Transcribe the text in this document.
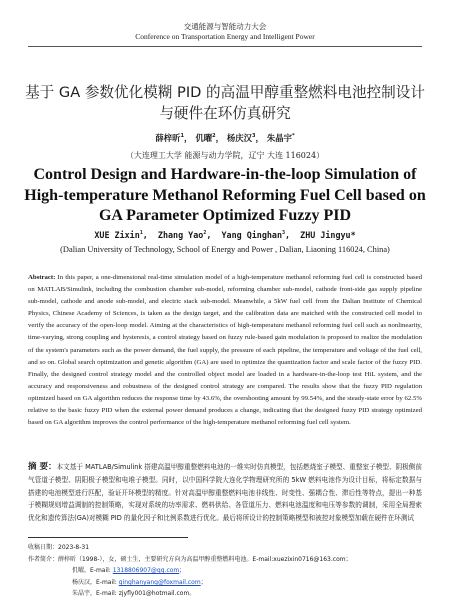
交通能源与智能动力大会
Conference on Transportation Energy and Intelligent Power
基于 GA 参数优化模糊 PID 的高温甲醇重整燃料电池控制设计与硬件在环仿真研究
薛梓昕$^1$， 仉曜$^2$， 杨庆汉$^3$， 朱晶宇*
（大连理工大学 能源与动力学院，辽宁 大连 116024）
Control Design and Hardware-in-the-loop Simulation of High-temperature Methanol Reforming Fuel Cell based on GA Parameter Optimized Fuzzy PID
XUE Zixin$^1$,  Zhang Yao$^2$,  Yang Qinghan$^3$,  ZHU Jingyu*
(Dalian University of Technology, School of Energy and Power , Dalian, Liaoning 116024, China)
Abstract: In this paper, a one-dimensional real-time simulation model of a high-temperature methanol reforming fuel cell is constructed based on MATLAB/Simulink, including the combustion chamber sub-model, reforming chamber sub-model, cathode front-side gas supply pipeline sub-model, cathode and anode sub-model, and electric stack sub-model. Meanwhile, a 5kW fuel cell from the Dalian Institute of Chemical Physics, Chinese Academy of Sciences, is taken as the design target, and the calibration data are matched with the constructed cell model to verify the accuracy of the open-loop model. Aiming at the characteristics of high-temperature methanol reforming fuel cell such as nonlinearity, time-varying, strong coupling and hysteresis, a control strategy based on fuzzy rule-based gain modulation is proposed to realize the modulation of the system's parameters such as the power demand, the fuel supply, the pressure of each pipeline, the temperature and voltage of the fuel cell, and so on. Global search optimization and genetic algorithm (GA) are used to optimize the quantization factor and scale factor of the fuzzy PID. Finally, the designed control strategy model and the controlled object model are loaded in a hardware-in-the-loop test HiL system, and the accuracy and responsiveness and robustness of the designed control strategy are compared. The results show that the fuzzy PID regulation optimized based on GA algorithm reduces the response time by 43.6%, the overshooting amount by 99.54%, and the steady-state error by 62.5% relative to the basic fuzzy PID when the external power demand produces a change, indicating that the designed fuzzy PID strategy optimized based on GA algorithm improves the control performance of the high-temperature methanol reforming fuel cell system.
摘 要：本文基于 MATLAB/Simulink 搭建高温甲醇重整燃料电池的一维实时仿真模型，包括燃烧室子模型、重整室子模型、阴极侧前气管道子模型、阴阳极子模型和电堆子模型。同时，以中国科学院大连化学物理研究所的 5kW 燃料电池作为设计目标，将标定数据与搭建的电池模型进行匹配，验证开环模型的精度。针对高温甲醇重整燃料电池非线性、时变性、强耦合性、滞后性等特点，提出一种基于模糊规则增益调制的控制策略，实现对系统的功率需求、燃料供给、各管道压力、燃料电池温度和电压等参数的调制，采用全局搜索优化和遗传算法(GA)对模糊 PID 的量化因子和比例系数进行优化。最后将所设计的控制策略模型和被控对象模型加载在硬件在环测试
收稿日期：2023-8-31
作者简介：薛梓昕（1998-），女，硕士生，主要研究方向为高温甲醇重整燃料电池。E-mail:xuezixin0716@163.com；
仉曜，E-mail: 1318806907@qq.com；
杨庆汉，E-mail: qinghanyang@foxmail.com；
朱晶宇，E-mail: zjyfly001@hotmail.com。
